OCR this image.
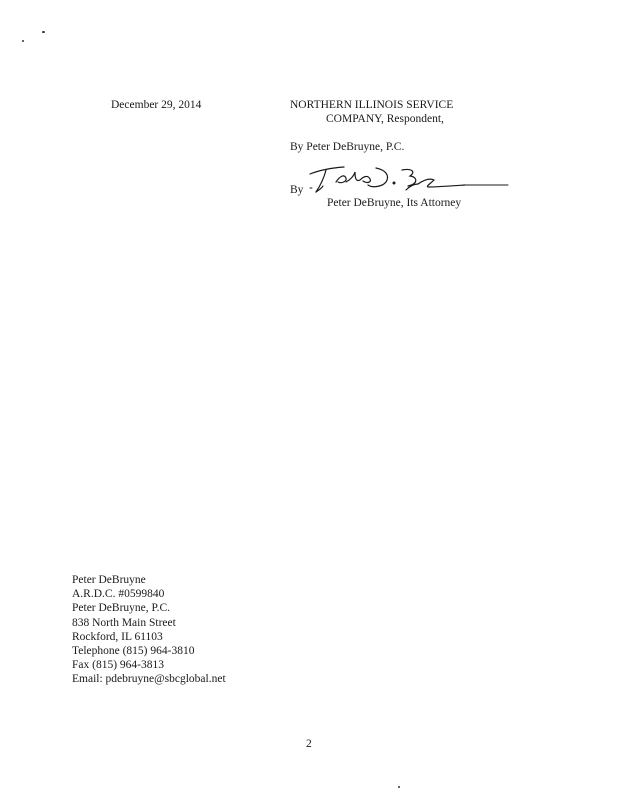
December 29, 2014	NORTHERN ILLINOIS SERVICE
COMPANY, Respondent,
By Peter DeBruyne, P.C.
By
Peter DeBruyne, Its Attorney
Peter DeBruyne
A.R.D.C. #0599840
Peter DeBruyne, P.C.
838 North Main Street
Rockford, IL 61103
Telephone (815) 964-3810
Fax (815) 964-3813
Email: pdebruyne@sbcglobal.net
2
